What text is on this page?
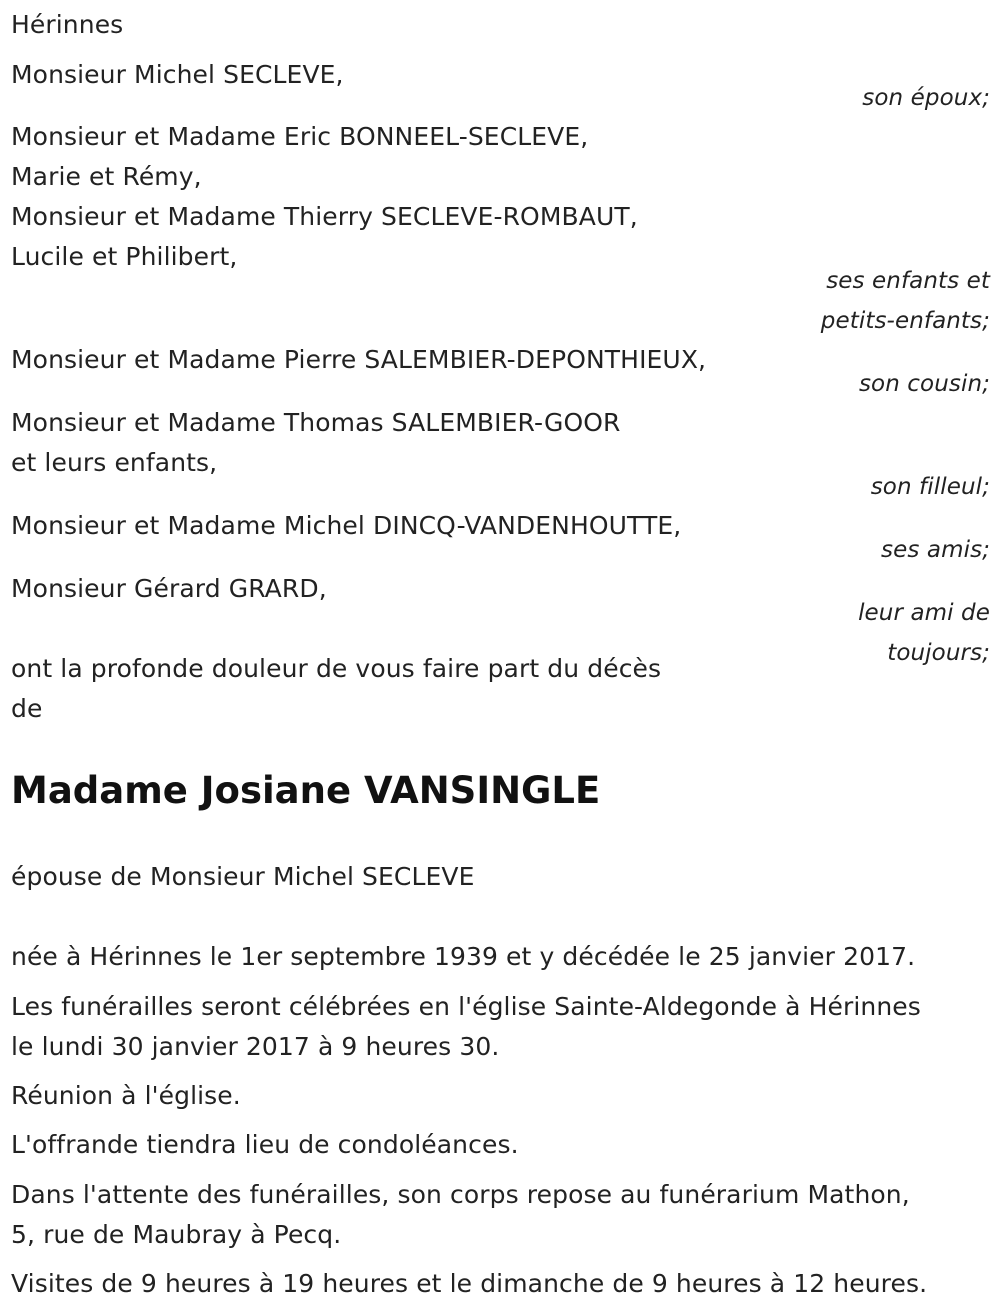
Hérinnes
Monsieur Michel SECLEVE,
son époux;
Monsieur et Madame Eric BONNEEL-SECLEVE,
Marie et Rémy,
Monsieur et Madame Thierry SECLEVE-ROMBAUT,
Lucile et Philibert,
ses enfants et
petits-enfants;
Monsieur et Madame Pierre SALEMBIER-DEPONTHIEUX,
son cousin;
Monsieur et Madame Thomas SALEMBIER-GOOR
et leurs enfants,
son filleul;
Monsieur et Madame Michel DINCQ-VANDENHOUTTE,
ses amis;
Monsieur Gérard GRARD,
leur ami de
toujours;
ont la profonde douleur de vous faire part du décès
de
Madame Josiane VANSINGLE
épouse de Monsieur Michel SECLEVE
née à Hérinnes le 1er septembre 1939 et y décédée le 25 janvier 2017.
Les funérailles seront célébrées en l'église Sainte-Aldegonde à Hérinnes
le lundi 30 janvier 2017 à 9 heures 30.
Réunion à l'église.
L'offrande tiendra lieu de condoléances.
Dans l'attente des funérailles, son corps repose au funérarium Mathon,
5, rue de Maubray à Pecq.
Visites de 9 heures à 19 heures et le dimanche de 9 heures à 12 heures.
